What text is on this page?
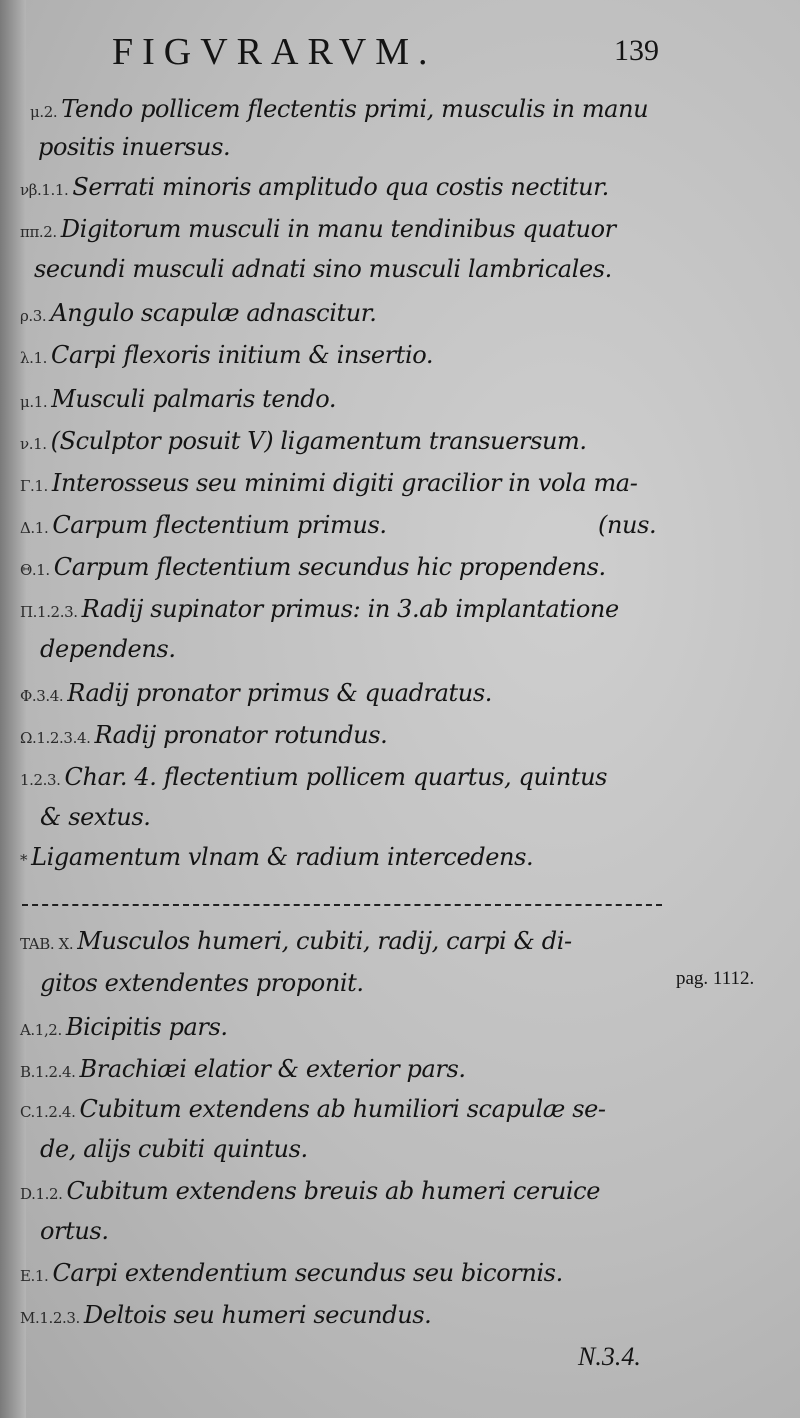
FIGVRARVM.	139
μ.2. Tendo pollicem flectentis primi, musculis in manu
positis inuersus.
νβ.1.1. Serrati minoris amplitudo qua costis nectitur.
ππ.2. Digitorum musculi in manu tendinibus quatuor
secundi musculi adnati sino musculi lambricales.
ρ.3. Angulo scapulæ adnascitur.
λ.1. Carpi flexoris initium & insertio.
μ.1. Musculi palmaris tendo.
ν.1. (Sculptor posuit V) ligamentum transuersum.
Γ.1. Interosseus seu minimi digiti gracilior in vola ma-
Δ.1. Carpum flectentium primus.	(nus.
Θ.1. Carpum flectentium secundus hic propendens.
Π.1.2.3. Radij supinator primus: in 3.ab implantatione
dependens.
Φ.3.4. Radij pronator primus & quadratus.
Ω.1.2.3.4. Radij pronator rotundus.
1.2.3. Char. 4. flectentium pollicem quartus, quintus
& sextus.
* Ligamentum vlnam & radium intercedens.
TAB. X. Musculos humeri, cubiti, radij, carpi & di-
gitos extendentes proponit.
A.1,2. Bicipitis pars.
B.1.2.4. Brachiæi elatior & exterior pars.
C.1.2.4. Cubitum extendens ab humiliori scapulæ se-
de, alijs cubiti quintus.
D.1.2. Cubitum extendens breuis ab humeri ceruice
ortus.
E.1. Carpi extendentium secundus seu bicornis.
M.1.2.3. Deltois seu humeri secundus.
pag. 1112.
N.3.4.
